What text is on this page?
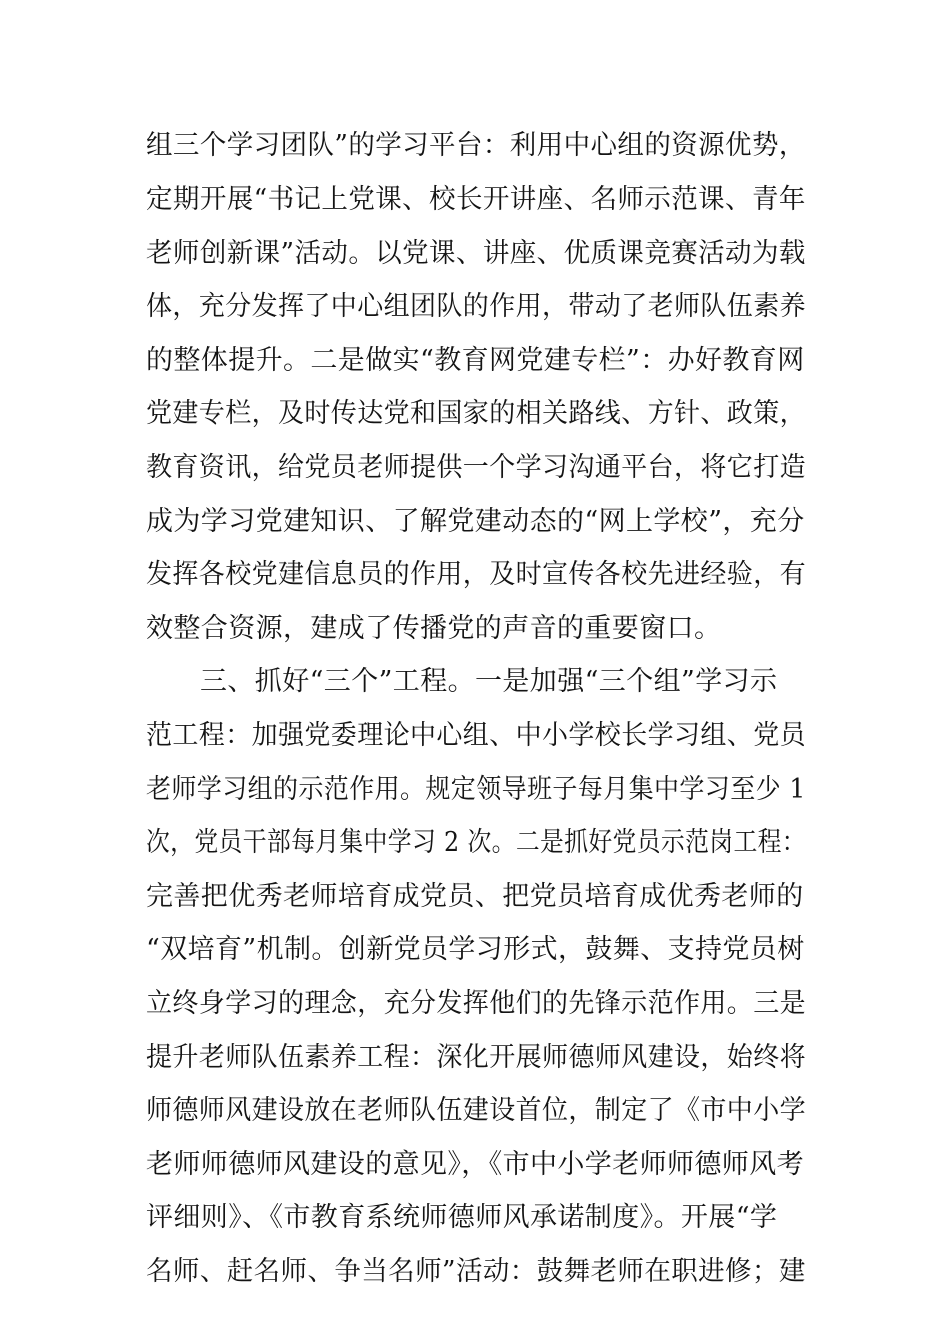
组三个学习团队”的学习平台：利用中心组的资源优势，
定期开展“书记上党课、校长开讲座、名师示范课、青年
老师创新课”活动。以党课、讲座、优质课竞赛活动为载
体，充分发挥了中心组团队的作用，带动了老师队伍素养
的整体提升。二是做实“教育网党建专栏”：办好教育网
党建专栏，及时传达党和国家的相关路线、方针、政策，
教育资讯，给党员老师提供一个学习沟通平台，将它打造
成为学习党建知识、了解党建动态的“网上学校”，充分
发挥各校党建信息员的作用，及时宣传各校先进经验，有
效整合资源，建成了传播党的声音的重要窗口。
三、抓好“三个”工程。一是加强“三个组”学习示
范工程：加强党委理论中心组、中小学校长学习组、党员
老师学习组的示范作用。规定领导班子每月集中学习至少 1
次，党员干部每月集中学习 2 次。二是抓好党员示范岗工程：
完善把优秀老师培育成党员、把党员培育成优秀老师的
“双培育”机制。创新党员学习形式，鼓舞、支持党员树
立终身学习的理念，充分发挥他们的先锋示范作用。三是
提升老师队伍素养工程：深化开展师德师风建设，始终将
师德师风建设放在老师队伍建设首位，制定了《市中小学
老师师德师风建设的意见》，《市中小学老师师德师风考
评细则》、《市教育系统师德师风承诺制度》。开展“学
名师、赶名师、争当名师”活动：鼓舞老师在职进修；建
